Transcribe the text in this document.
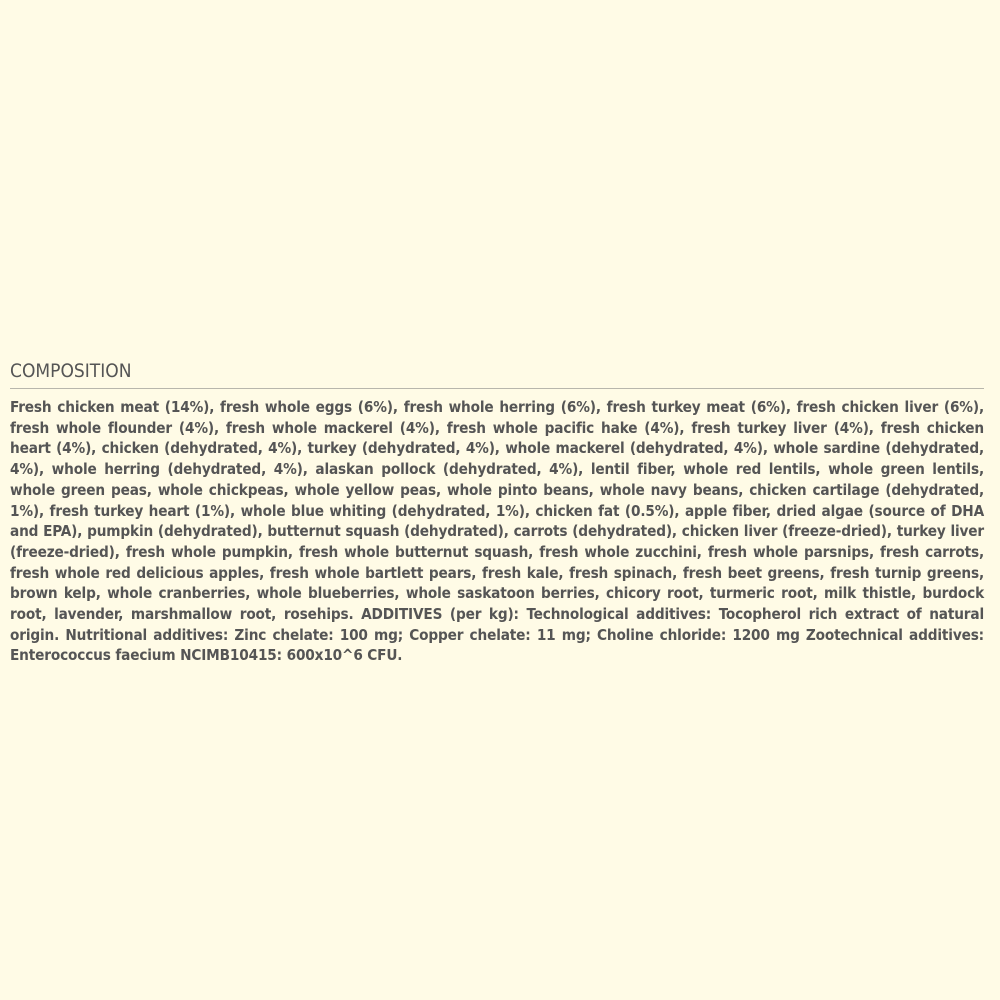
COMPOSITION
Fresh chicken meat (14%), fresh whole eggs (6%), fresh whole herring (6%), fresh turkey meat (6%), fresh chicken liver (6%), fresh whole flounder (4%), fresh whole mackerel (4%), fresh whole pacific hake (4%), fresh turkey liver (4%), fresh chicken heart (4%), chicken (dehydrated, 4%), turkey (dehydrated, 4%), whole mackerel (dehydrated, 4%), whole sardine (dehydrated, 4%), whole herring (dehydrated, 4%), alaskan pollock (dehydrated, 4%), lentil fiber, whole red lentils, whole green lentils, whole green peas, whole chickpeas, whole yellow peas, whole pinto beans, whole navy beans, chicken cartilage (dehydrated, 1%), fresh turkey heart (1%), whole blue whiting (dehydrated, 1%), chicken fat (0.5%), apple fiber, dried algae (source of DHA and EPA), pumpkin (dehydrated), butternut squash (dehydrated), carrots (dehydrated), chicken liver (freeze-dried), turkey liver (freeze-dried), fresh whole pumpkin, fresh whole butternut squash, fresh whole zucchini, fresh whole parsnips, fresh carrots, fresh whole red delicious apples, fresh whole bartlett pears, fresh kale, fresh spinach, fresh beet greens, fresh turnip greens, brown kelp, whole cranberries, whole blueberries, whole saskatoon berries, chicory root, turmeric root, milk thistle, burdock root, lavender, marshmallow root, rosehips. ADDITIVES (per kg): Technological additives: Tocopherol rich extract of natural origin. Nutritional additives: Zinc chelate: 100 mg; Copper chelate: 11 mg; Choline chloride: 1200 mg Zootechnical additives: Enterococcus faecium NCIMB10415: 600x10^6 CFU.
